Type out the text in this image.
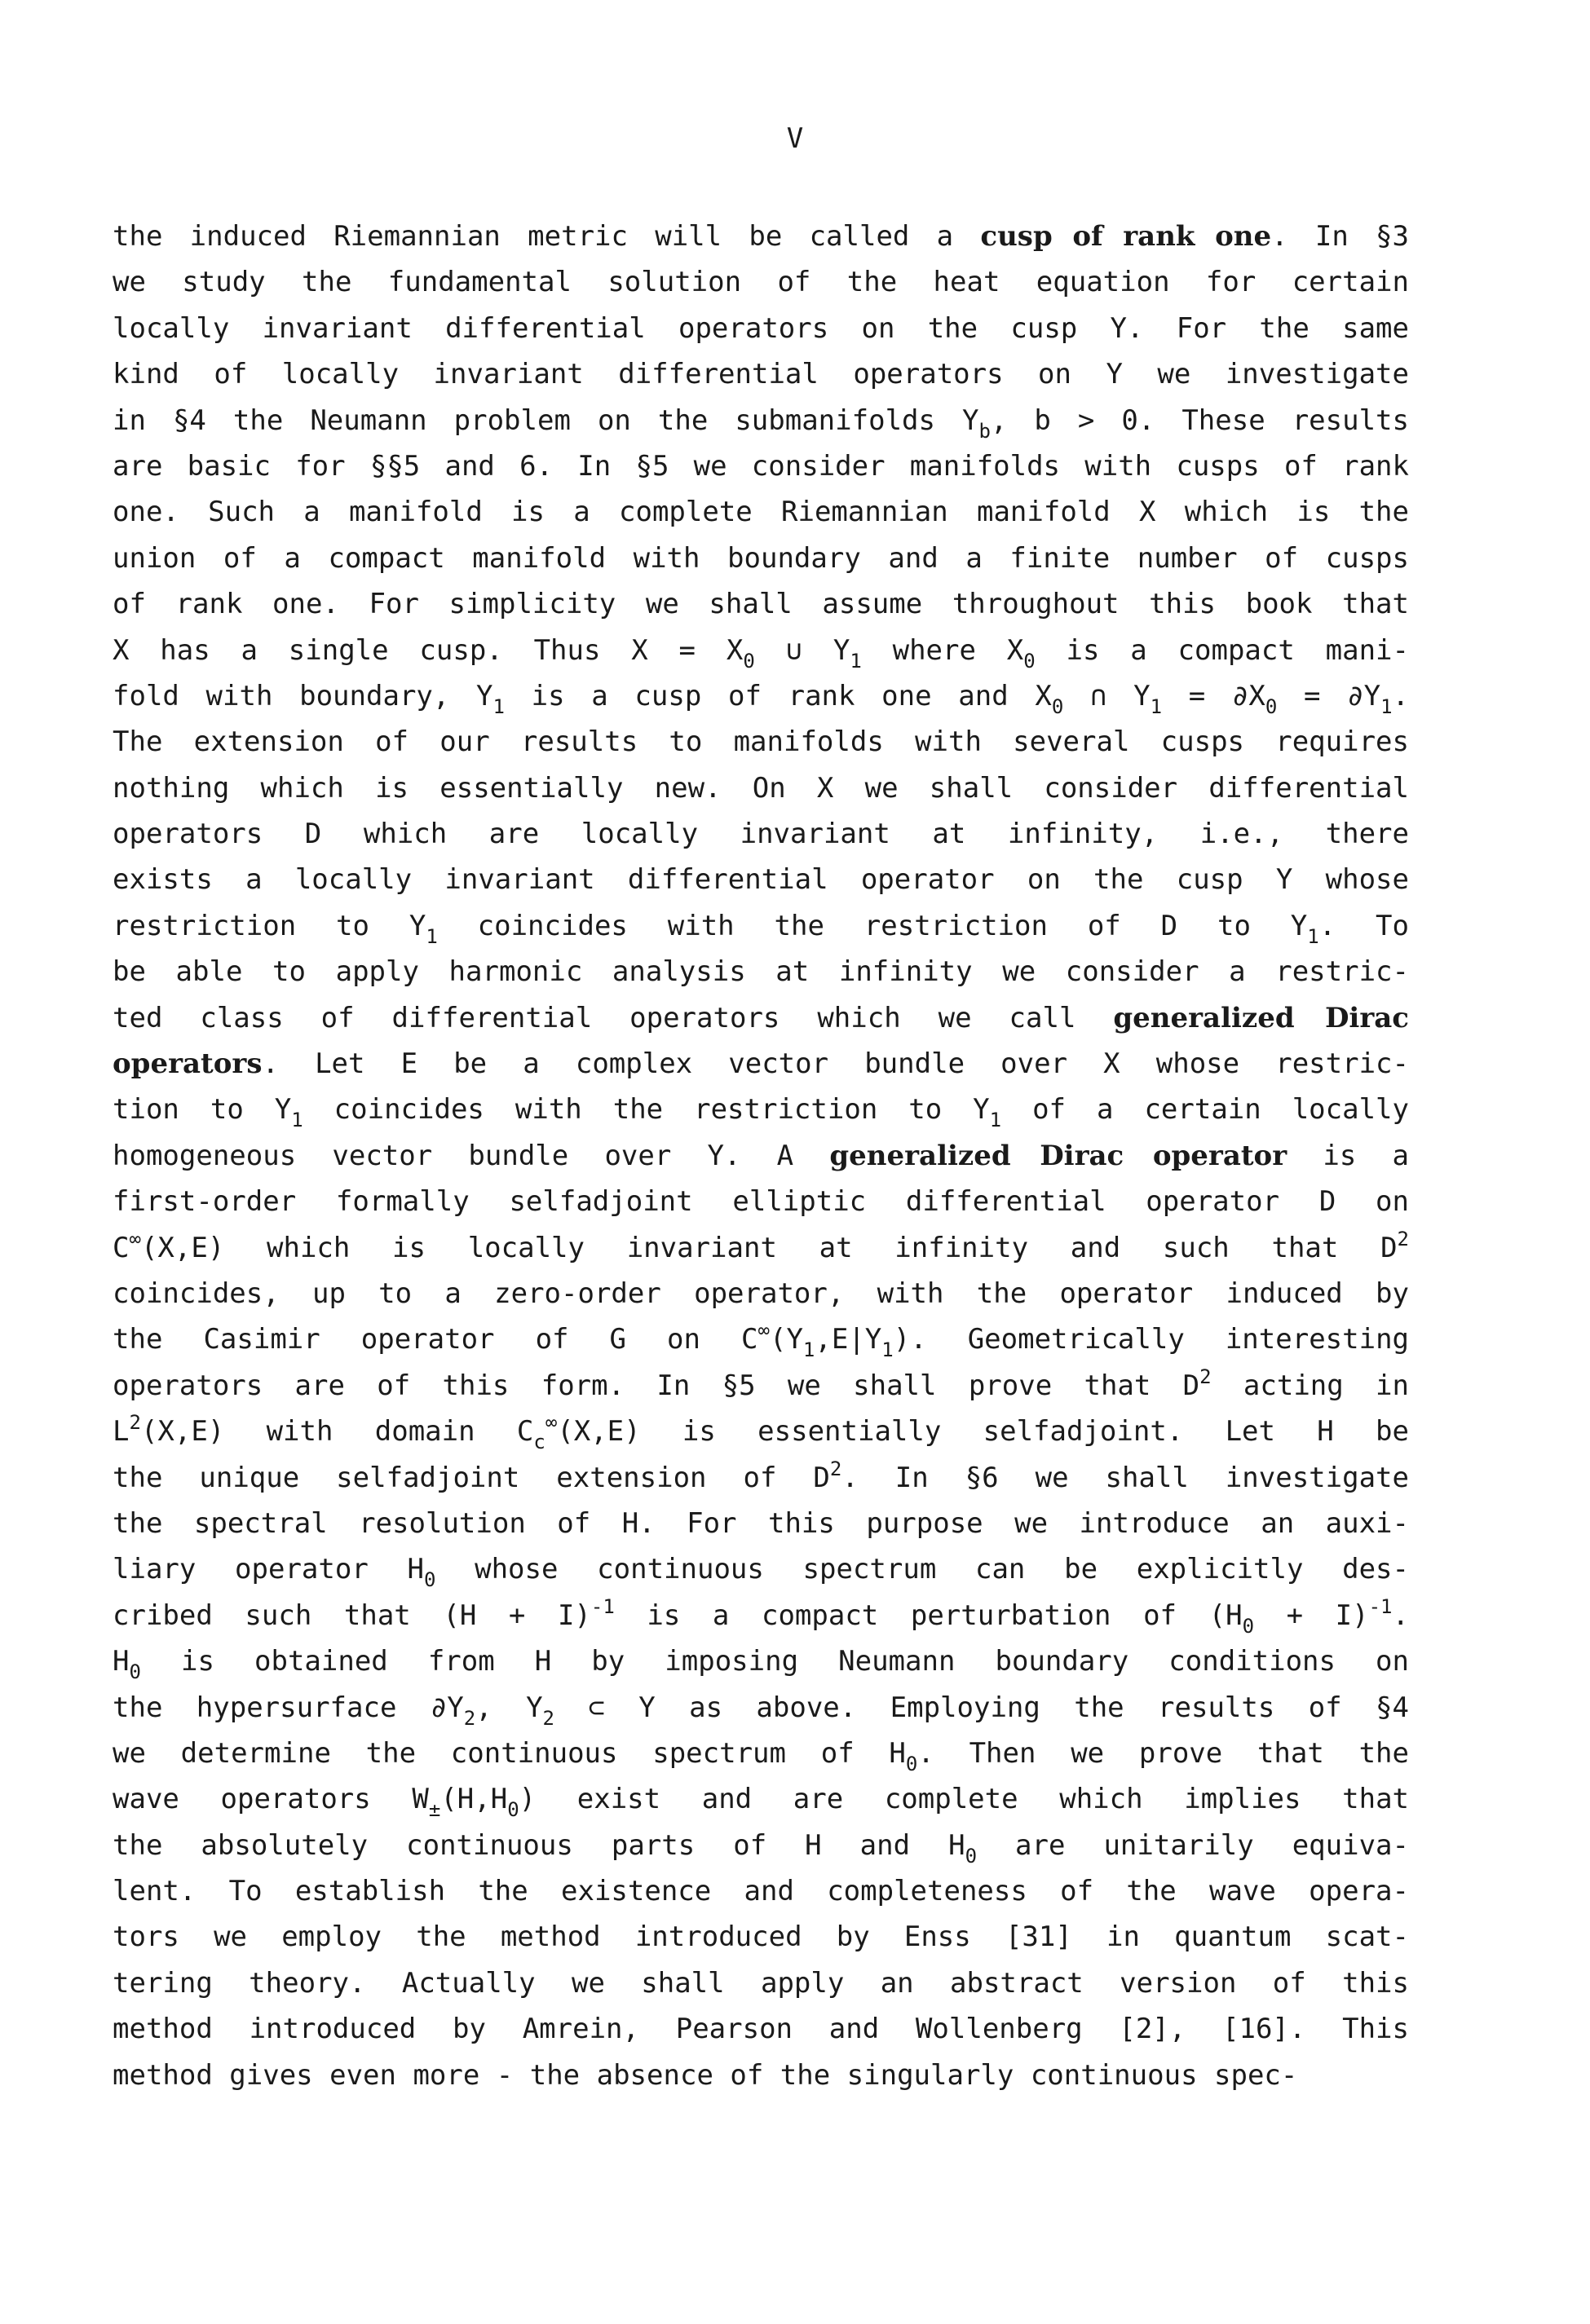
V
the induced Riemannian metric will be called a cusp of rank one. In §3
we study the fundamental solution of the heat equation for certain
locally invariant differential operators on the cusp Y. For the same
kind of locally invariant differential operators on Y we investigate
in §4 the Neumann problem on the submanifolds $Y_b$, b > 0. These results
are basic for §§5 and 6. In §5 we consider manifolds with cusps of rank
one. Such a manifold is a complete Riemannian manifold X which is the
union of a compact manifold with boundary and a finite number of cusps
of rank one. For simplicity we shall assume throughout this book that
X has a single cusp. Thus $X = X_0$ ∪ $Y_1$ where $X_0$ is a compact mani-
fold with boundary, $Y_1$ is a cusp of rank one and $X_0$ ∩ $Y_1 = \partial X_0 = \partial Y_1$.
The extension of our results to manifolds with several cusps requires
nothing which is essentially new. On X we shall consider differential
operators D which are locally invariant at infinity, i.e., there
exists a locally invariant differential operator on the cusp Y whose
restriction to $Y_1$ coincides with the restriction of D to $Y_1$. To
be able to apply harmonic analysis at infinity we consider a restric-
ted class of differential operators which we call generalized Dirac
operators. Let E be a complex vector bundle over X whose restric-
tion to $Y_1$ coincides with the restriction to $Y_1$ of a certain locally
homogeneous vector bundle over Y. A generalized Dirac operator is a
first-order formally selfadjoint elliptic differential operator D on
C∞(X,E) which is locally invariant at infinity and such that $D^2$
coincides, up to a zero-order operator, with the operator induced by
the Casimir operator of G on $C^\infty(Y_1,E|Y_1)$. Geometrically interesting
operators are of this form. In §5 we shall prove that $D^2$ acting in
$L^2(X,E)$ with domain $C_c^\infty(X,E)$ is essentially selfadjoint. Let H be
the unique selfadjoint extension of $D^2$. In §6 we shall investigate
the spectral resolution of H. For this purpose we introduce an auxi-
liary operator $H_0$ whose continuous spectrum can be explicitly des-
cribed such that $(H + I)^{-1}$ is a compact perturbation of $(H_0 + I)^{-1}$.
$H_0$ is obtained from H by imposing Neumann boundary conditions on
the hypersurface $\partial Y_2$, $Y_2$ ⊂ Y as above. Employing the results of §4
we determine the continuous spectrum of $H_0$. Then we prove that the
wave operators $W_\pm(H,H_0)$ exist and are complete which implies that
the absolutely continuous parts of H and $H_0$ are unitarily equiva-
lent. To establish the existence and completeness of the wave opera-
tors we employ the method introduced by Enss [31] in quantum scat-
tering theory. Actually we shall apply an abstract version of this
method introduced by Amrein, Pearson and Wollenberg [2], [16]. This
method gives even more - the absence of the singularly continuous spec-
